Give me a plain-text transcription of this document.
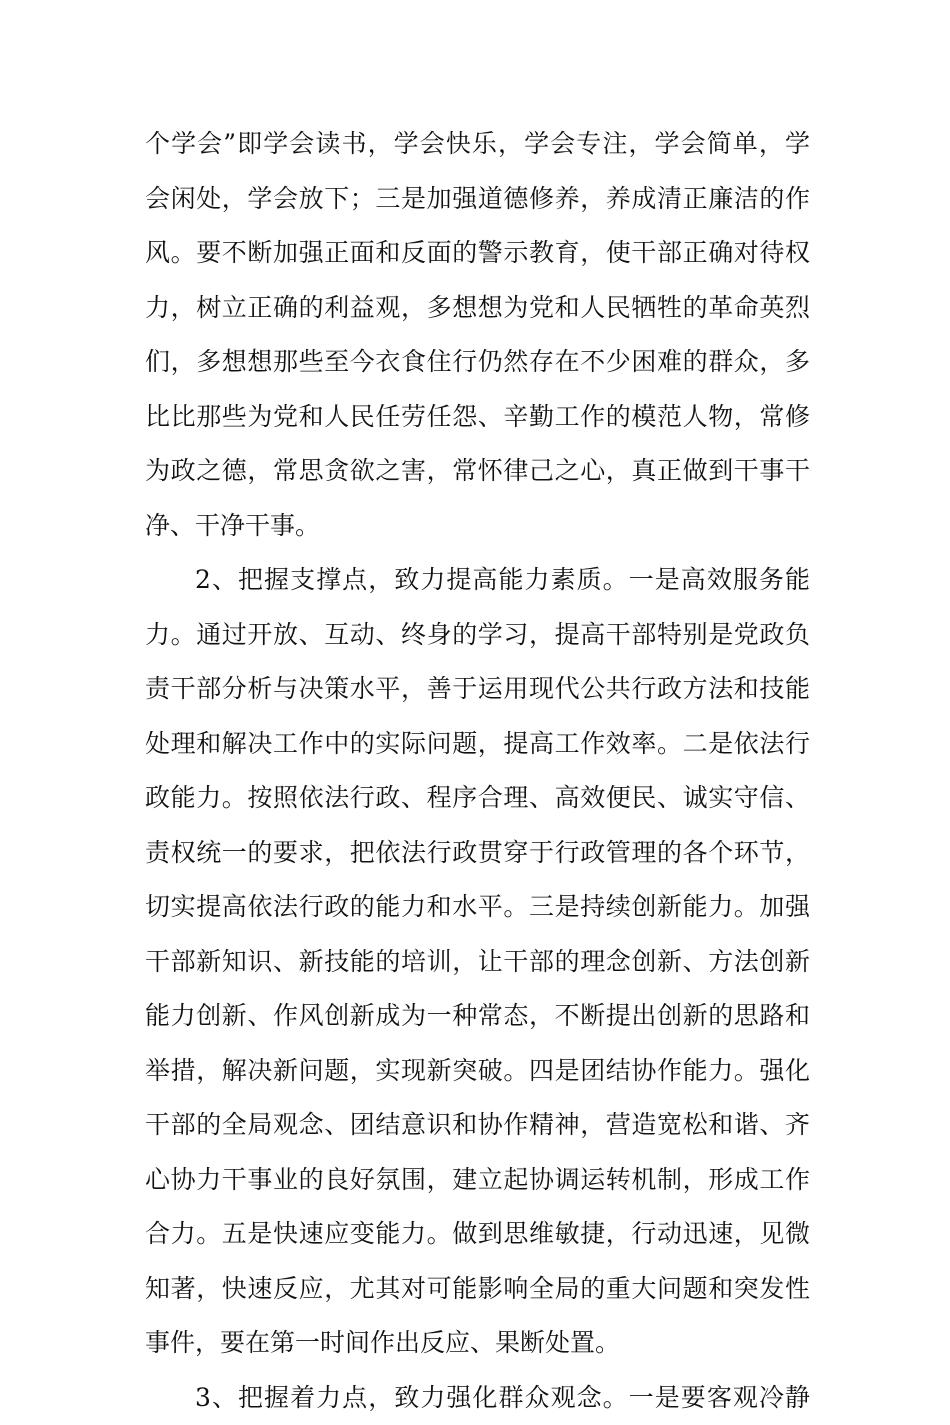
个学会”即学会读书，学会快乐，学会专注，学会简单，学
会闲处，学会放下；三是加强道德修养，养成清正廉洁的作
风。要不断加强正面和反面的警示教育，使干部正确对待权
力，树立正确的利益观，多想想为党和人民牺牲的革命英烈
们，多想想那些至今衣食住行仍然存在不少困难的群众，多
比比那些为党和人民任劳任怨、辛勤工作的模范人物，常修
为政之德，常思贪欲之害，常怀律己之心，真正做到干事干
净、干净干事。
2、把握支撑点，致力提高能力素质。一是高效服务能
力。通过开放、互动、终身的学习，提高干部特别是党政负
责干部分析与决策水平，善于运用现代公共行政方法和技能
处理和解决工作中的实际问题，提高工作效率。二是依法行
政能力。按照依法行政、程序合理、高效便民、诚实守信、
责权统一的要求，把依法行政贯穿于行政管理的各个环节，
切实提高依法行政的能力和水平。三是持续创新能力。加强
干部新知识、新技能的培训，让干部的理念创新、方法创新
能力创新、作风创新成为一种常态，不断提出创新的思路和
举措，解决新问题，实现新突破。四是团结协作能力。强化
干部的全局观念、团结意识和协作精神，营造宽松和谐、齐
心协力干事业的良好氛围，建立起协调运转机制，形成工作
合力。五是快速应变能力。做到思维敏捷，行动迅速，见微
知著，快速反应，尤其对可能影响全局的重大问题和突发性
事件，要在第一时间作出反应、果断处置。
3、把握着力点，致力强化群众观念。一是要客观冷静
